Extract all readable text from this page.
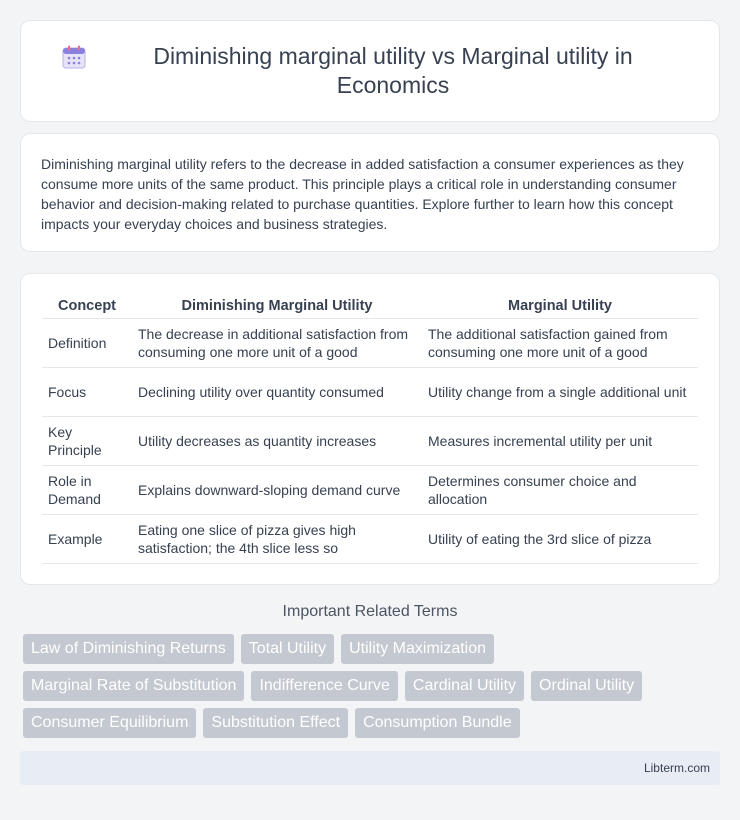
Diminishing marginal utility vs Marginal utility in Economics

Diminishing marginal utility refers to the decrease in added satisfaction a consumer experiences as they consume more units of the same product. This principle plays a critical role in understanding consumer behavior and decision-making related to purchase quantities. Explore further to learn how this concept impacts your everyday choices and business strategies.

Concept	Diminishing Marginal Utility	Marginal Utility
Definition	The decrease in additional satisfaction from consuming one more unit of a good	The additional satisfaction gained from consuming one more unit of a good
Focus	Declining utility over quantity consumed	Utility change from a single additional unit
Key Principle	Utility decreases as quantity increases	Measures incremental utility per unit
Role in Demand	Explains downward-sloping demand curve	Determines consumer choice and allocation
Example	Eating one slice of pizza gives high satisfaction; the 4th slice less so	Utility of eating the 3rd slice of pizza
Important Related Terms
Law of Diminishing Returns	Total Utility	Utility Maximization
Marginal Rate of Substitution	Indifference Curve	Cardinal Utility	Ordinal Utility
Consumer Equilibrium	Substitution Effect	Consumption Bundle
Libterm.com
